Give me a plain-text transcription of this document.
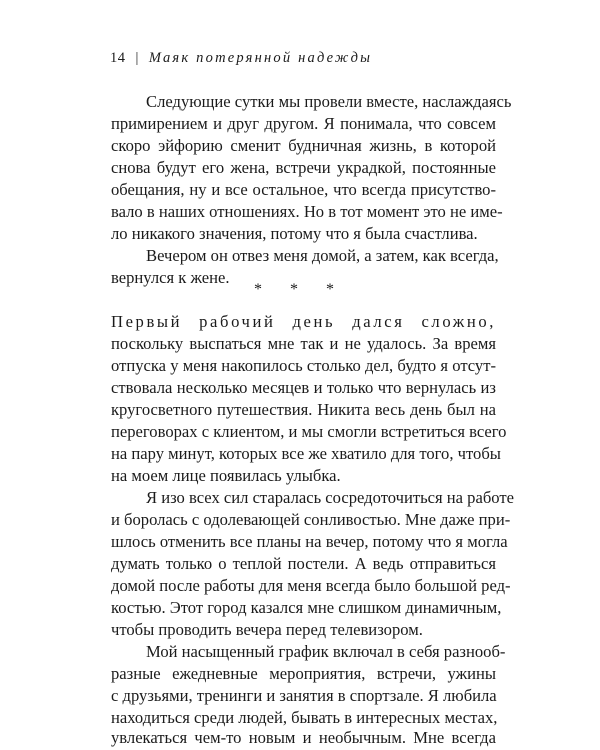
14 | Маяк потерянной надежды
Следующие сутки мы провели вместе, наслаждаясь
примирением и друг другом. Я понимала, что совсем
скоро эйфорию сменит будничная жизнь, в которой
снова будут его жена, встречи украдкой, постоянные
обещания, ну и все остальное, что всегда присутство-
вало в наших отношениях. Но в тот момент это не име-
ло никакого значения, потому что я была счастлива.
Вечером он отвез меня домой, а затем, как всегда,
вернулся к жене.
* * *
Первый рабочий день дался сложно,
поскольку выспаться мне так и не удалось. За время
отпуска у меня накопилось столько дел, будто я отсут-
ствовала несколько месяцев и только что вернулась из
кругосветного путешествия. Никита весь день был на
переговорах с клиентом, и мы смогли встретиться всего
на пару минут, которых все же хватило для того, чтобы
на моем лице появилась улыбка.
Я изо всех сил старалась сосредоточиться на работе
и боролась с одолевающей сонливостью. Мне даже при-
шлось отменить все планы на вечер, потому что я могла
думать только о теплой постели. А ведь отправиться
домой после работы для меня всегда было большой ред-
костью. Этот город казался мне слишком динамичным,
чтобы проводить вечера перед телевизором.
Мой насыщенный график включал в себя разнооб-
разные ежедневные мероприятия, встречи, ужины
с друзьями, тренинги и занятия в спортзале. Я любила
находиться среди людей, бывать в интересных местах,
увлекаться чем-то новым и необычным. Мне всегда
